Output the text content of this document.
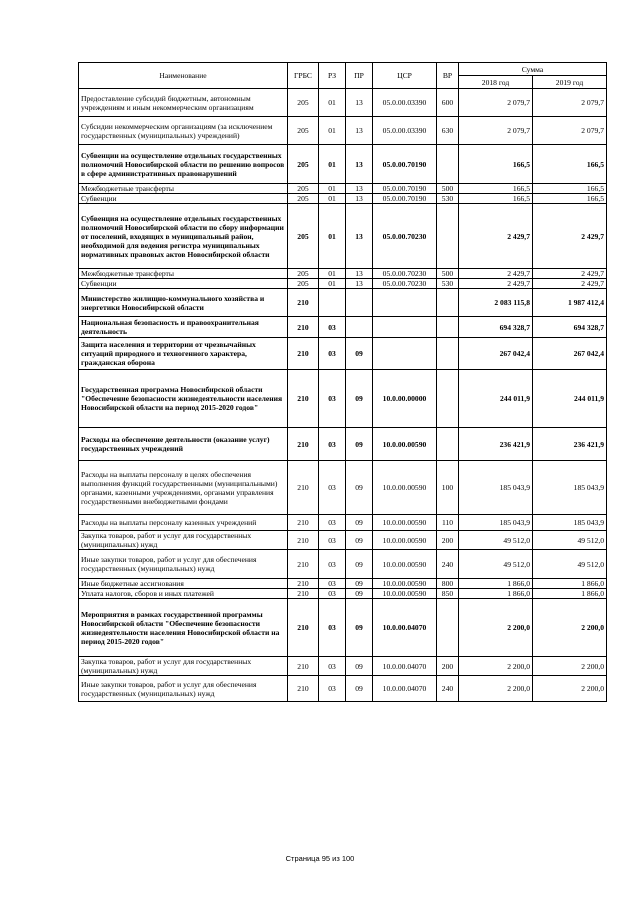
Наименование	ГРБС	РЗ	ПР	ЦСР	ВР	Сумма	
						2018 год	2019 год
Предоставление субсидий бюджетным, автономным учреждениям и иным некоммерческим организациям	205	01	13	05.0.00.03390	600	2 079,7	2 079,7
Субсидии некоммерческим организациям (за исключением государственных (муниципальных) учреждений)	205	01	13	05.0.00.03390	630	2 079,7	2 079,7
Субвенции на осуществление отдельных государственных полномочий Новосибирской области по решению вопросов в сфере административных правонарушений	205	01	13	05.0.00.70190		166,5	166,5
Межбюджетные трансферты	205	01	13	05.0.00.70190	500	166,5	166,5
Субвенции	205	01	13	05.0.00.70190	530	166,5	166,5
Субвенция на осуществление отдельных государственных полномочий Новосибирской области по сбору информации от поселений, входящих в муниципальный район, необходимой для ведения регистра муниципальных нормативных правовых актов Новосибирской области	205	01	13	05.0.00.70230		2 429,7	2 429,7
Межбюджетные трансферты	205	01	13	05.0.00.70230	500	2 429,7	2 429,7
Субвенции	205	01	13	05.0.00.70230	530	2 429,7	2 429,7
Министерство жилищно-коммунального хозяйства и энергетики Новосибирской области	210					2 083 115,8	1 987 412,4
Национальная безопасность и правоохранительная деятельность	210	03				694 328,7	694 328,7
Защита населения и территории от чрезвычайных ситуаций природного и техногенного характера, гражданская оборона	210	03	09			267 042,4	267 042,4
Государственная программа Новосибирской области "Обеспечение безопасности жизнедеятельности населения Новосибирской области на период 2015-2020 годов"	210	03	09	10.0.00.00000		244 011,9	244 011,9
Расходы на обеспечение деятельности (оказание услуг) государственных учреждений	210	03	09	10.0.00.00590		236 421,9	236 421,9
Расходы на выплаты персоналу в целях обеспечения выполнения функций государственными (муниципальными) органами, казенными учреждениями, органами управления государственными внебюджетными фондами	210	03	09	10.0.00.00590	100	185 043,9	185 043,9
Расходы на выплаты персоналу казенных учреждений	210	03	09	10.0.00.00590	110	185 043,9	185 043,9
Закупка товаров, работ и услуг для государственных (муниципальных) нужд	210	03	09	10.0.00.00590	200	49 512,0	49 512,0
Иные закупки товаров, работ и услуг для обеспечения государственных (муниципальных) нужд	210	03	09	10.0.00.00590	240	49 512,0	49 512,0
Иные бюджетные ассигнования	210	03	09	10.0.00.00590	800	1 866,0	1 866,0
Уплата налогов, сборов и иных платежей	210	03	09	10.0.00.00590	850	1 866,0	1 866,0
Мероприятия в рамках государственной программы Новосибирской области "Обеспечение безопасности жизнедеятельности населения Новосибирской области на период 2015-2020 годов"	210	03	09	10.0.00.04070		2 200,0	2 200,0
Закупка товаров, работ и услуг для государственных (муниципальных) нужд	210	03	09	10.0.00.04070	200	2 200,0	2 200,0
Иные закупки товаров, работ и услуг для обеспечения государственных (муниципальных) нужд	210	03	09	10.0.00.04070	240	2 200,0	2 200,0
Страница 95 из 100
